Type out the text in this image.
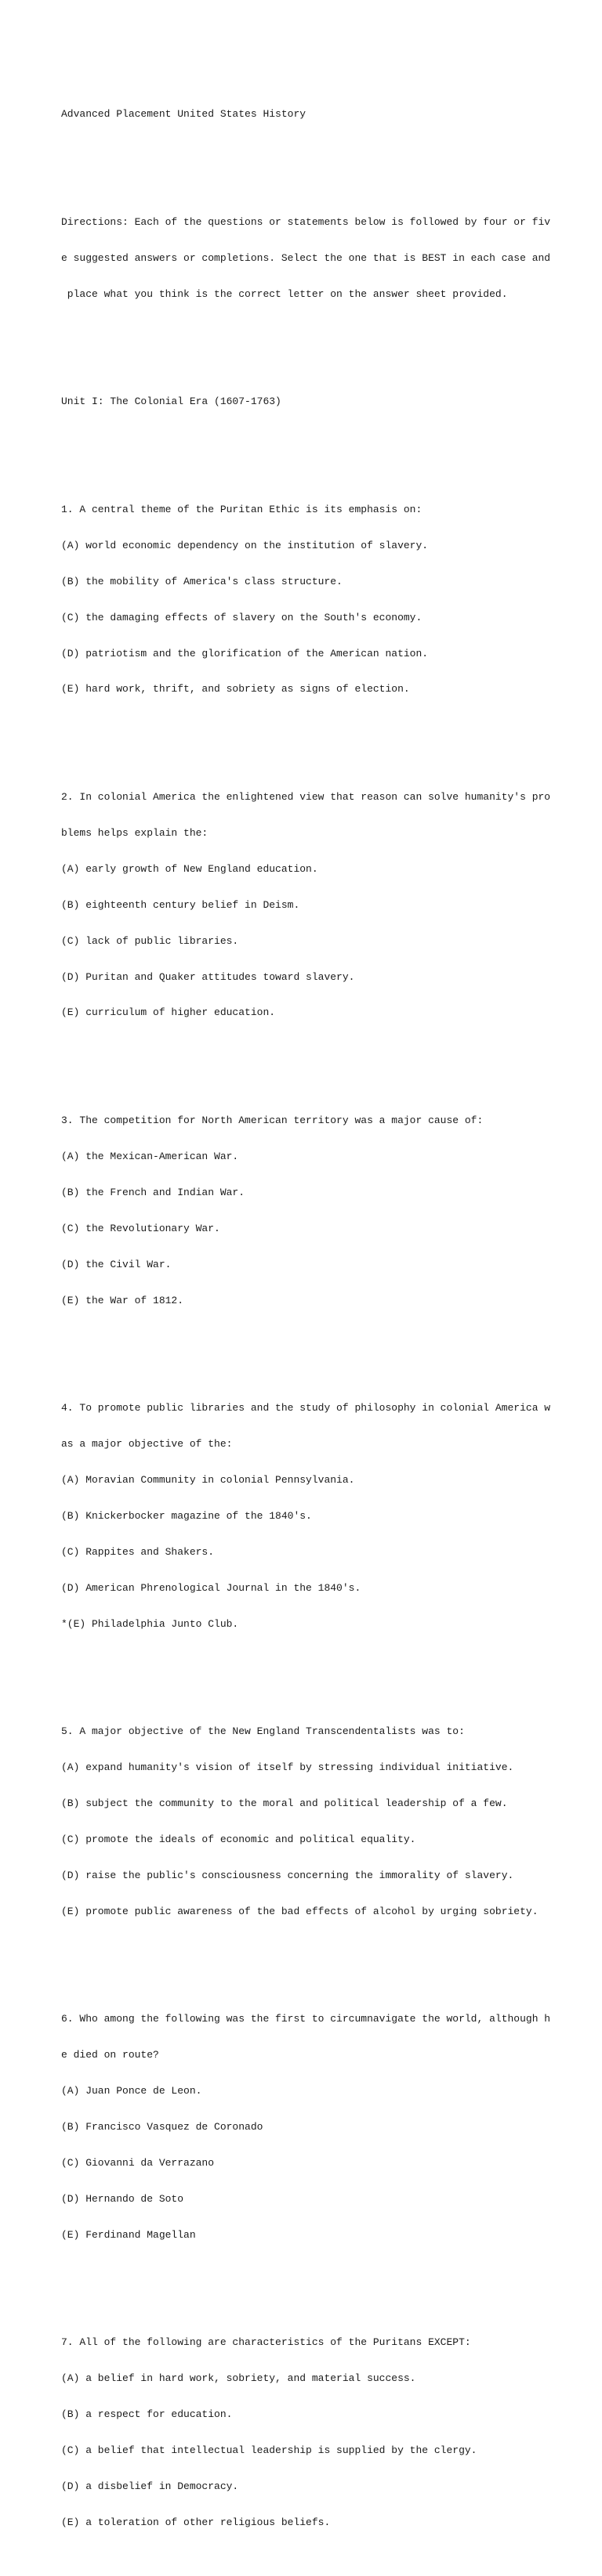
Advanced Placement United States History

Directions: Each of the questions or statements below is followed by four or fiv

e suggested answers or completions. Select the one that is BEST in each case and

place what you think is the correct letter on the answer sheet provided.

Unit I: The Colonial Era (1607-1763)

1. A central theme of the Puritan Ethic is its emphasis on:

(A) world economic dependency on the institution of slavery.

(B) the mobility of America's class structure.

(C) the damaging effects of slavery on the South's economy.

(D) patriotism and the glorification of the American nation.

(E) hard work, thrift, and sobriety as signs of election.

2. In colonial America the enlightened view that reason can solve humanity's pro

blems helps explain the:

(A) early growth of New England education.

(B) eighteenth century belief in Deism.

(C) lack of public libraries.

(D) Puritan and Quaker attitudes toward slavery.

(E) curriculum of higher education.

3. The competition for North American territory was a major cause of:

(A) the Mexican-American War.

(B) the French and Indian War.

(C) the Revolutionary War.

(D) the Civil War.

(E) the War of 1812.

4. To promote public libraries and the study of philosophy in colonial America w

as a major objective of the:

(A) Moravian Community in colonial Pennsylvania.

(B) Knickerbocker magazine of the 1840's.

(C) Rappites and Shakers.

(D) American Phrenological Journal in the 1840's.

*(E) Philadelphia Junto Club.

5. A major objective of the New England Transcendentalists was to:

(A) expand humanity's vision of itself by stressing individual initiative.

(B) subject the community to the moral and political leadership of a few.

(C) promote the ideals of economic and political equality.

(D) raise the public's consciousness concerning the immorality of slavery.

(E) promote public awareness of the bad effects of alcohol by urging sobriety.

6. Who among the following was the first to circumnavigate the world, although h

e died on route?

(A) Juan Ponce de Leon.

(B) Francisco Vasquez de Coronado

(C) Giovanni da Verrazano

(D) Hernando de Soto

(E) Ferdinand Magellan

7. All of the following are characteristics of the Puritans EXCEPT:

(A) a belief in hard work, sobriety, and material success.

(B) a respect for education.

(C) a belief that intellectual leadership is supplied by the clergy.

(D) a disbelief in Democracy.

(E) a toleration of other religious beliefs.
